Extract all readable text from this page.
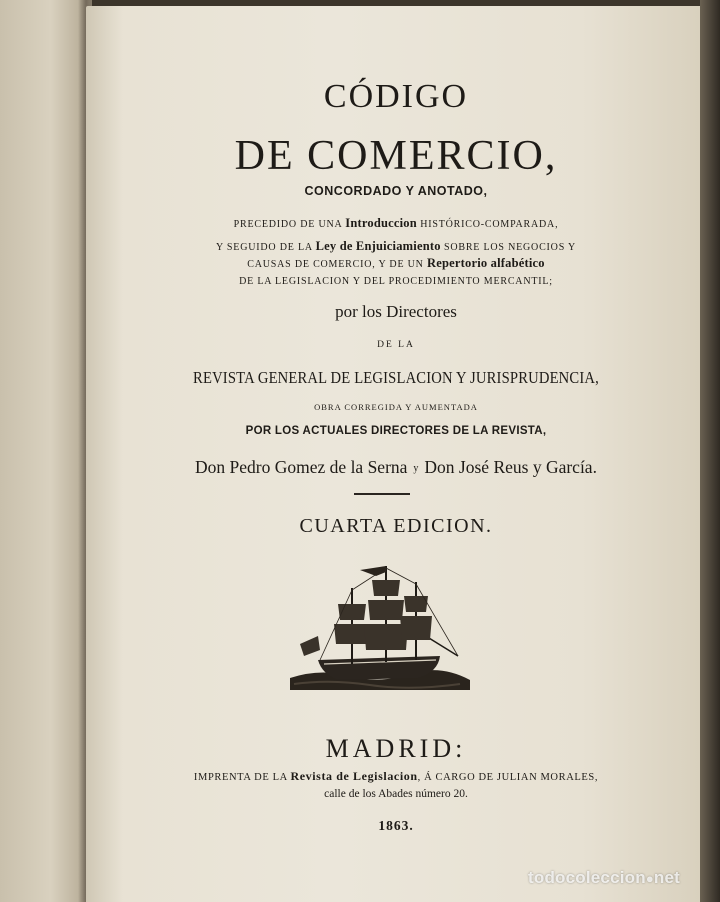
CÓDIGO
DE COMERCIO,
CONCORDADO Y ANOTADO,
PRECEDIDO DE UNA Introduccion HISTÓRICO-COMPARADA,
Y SEGUIDO DE LA Ley de Enjuiciamiento SOBRE LOS NEGOCIOS Y
CAUSAS DE COMERCIO, Y DE UN Repertorio alfabético
DE LA LEGISLACION Y DEL PROCEDIMIENTO MERCANTIL;
por los Directores
DE LA
REVISTA GENERAL DE LEGISLACION Y JURISPRUDENCIA,
OBRA CORREGIDA Y AUMENTADA
POR LOS ACTUALES DIRECTORES DE LA REVISTA,
Don Pedro Gomez de la Serna y Don José Reus y García.
CUARTA EDICION.
MADRID:
IMPRENTA DE LA Revista de Legislacion, Á CARGO DE JULIAN MORALES,
calle de los Abades número 20.
1863.
todocoleccion●net
